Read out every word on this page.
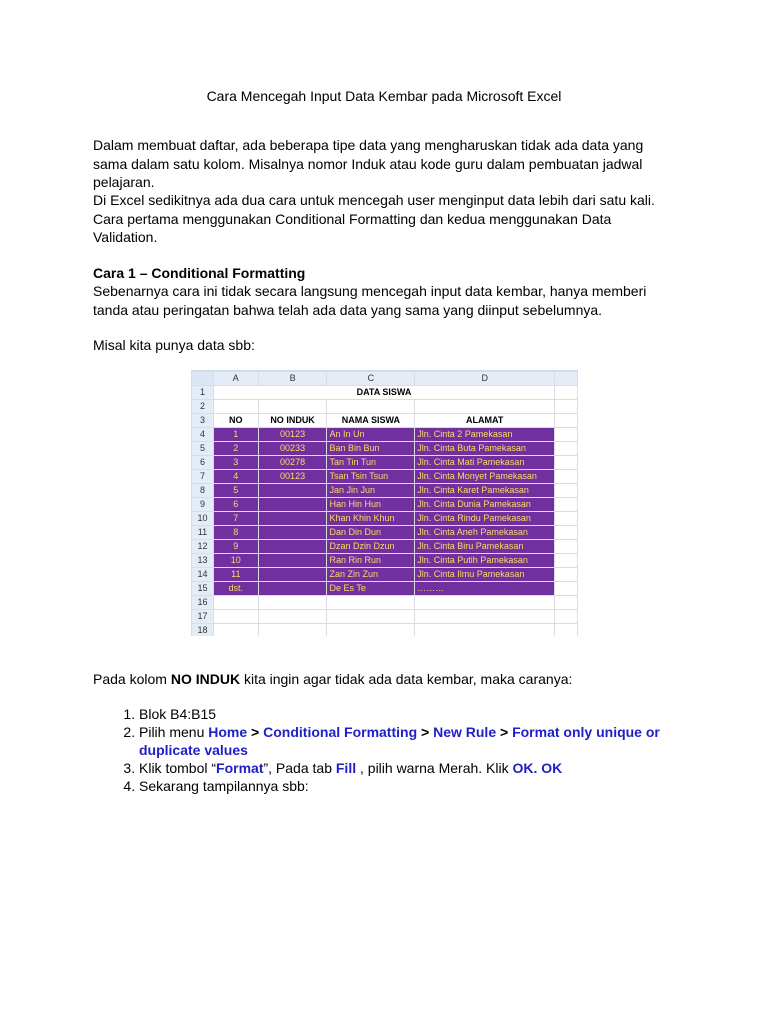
Cara Mencegah Input Data Kembar pada Microsoft Excel

Dalam membuat daftar, ada beberapa tipe data yang mengharuskan tidak ada data yang sama dalam satu kolom. Misalnya nomor Induk atau kode guru dalam pembuatan jadwal pelajaran.

Di Excel sedikitnya ada dua cara untuk mencegah user menginput data lebih dari satu kali. Cara pertama menggunakan Conditional Formatting dan kedua menggunakan Data Validation.

Cara 1 – Conditional Formatting

Sebenarnya cara ini tidak secara langsung mencegah input data kembar, hanya memberi tanda atau peringatan bahwa telah ada data yang sama yang diinput sebelumnya.

Misal kita punya data sbb:

	A	B	C	D	
1	DATA SISWA				
2					
3	NO	NO INDUK	NAMA SISWA	ALAMAT	
4	1	00123	An In Un	Jln. Cinta 2 Pamekasan	
5	2	00233	Ban Bin Bun	Jln. Cinta Buta Pamekasan	
6	3	00278	Tan Tin Tun	Jln. Cinta Mati Pamekasan	
7	4	00123	Tsan Tsin Tsun	Jln. Cinta Monyet Pamekasan	
8	5		Jan Jin Jun	Jln. Cinta Karet Pamekasan	
9	6		Han Hin Hun	Jln. Cinta Dunia Pamekasan	
10	7		Khan Khin Khun	Jln. Cinta Rindu Pamekasan	
11	8		Dan Din Dun	Jln. Cinta Aneh Pamekasan	
12	9		Dzan Dzin Dzun	Jln. Cinta Biru Pamekasan	
13	10		Ran Rin Run	Jln. Cinta Putih Pamekasan	
14	11		Zan Zin Zun	Jln. Cinta Ilmu Pamekasan	
15	dst.		De Es Te	………	
16					
17					
18					

Pada kolom NO INDUK kita ingin agar tidak ada data kembar, maka caranya:

1. Blok B4:B15
2. Pilih menu Home > Conditional Formatting > New Rule > Format only unique or duplicate values
3. Klik tombol “Format”, Pada tab Fill , pilih warna Merah. Klik OK. OK
4. Sekarang tampilannya sbb:
